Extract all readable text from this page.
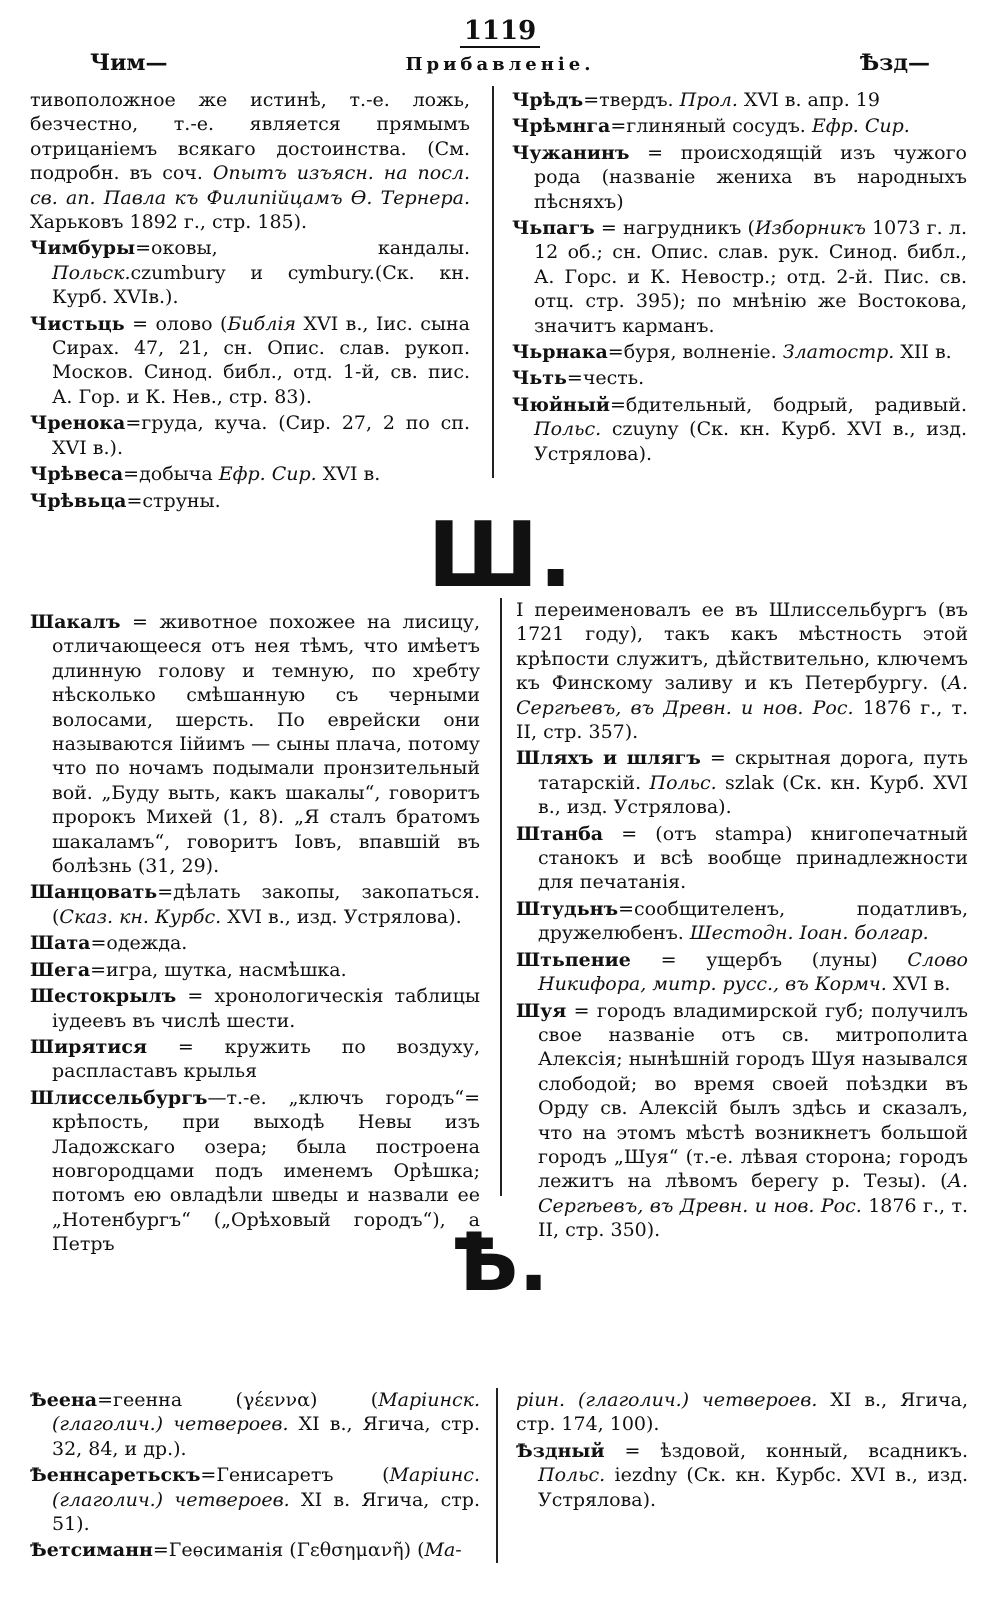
1119
Чим—	Прибавленіе.	Ѣзд—
тивоположное же истинѣ, т.-е. ложь, безчестно, т.-е. является прямымъ отрицаніемъ всякаго достоинства. (См. подробн. въ соч. Опытъ изъясн. на посл. св. ап. Павла къ Филипійцамъ Ѳ. Тернера. Харьковъ 1892 г., стр. 185).
Чимбуры=оковы, кандалы. Польск.czumbury и cymbury.(Ск. кн. Курб. XVIв.).
Чистьць = олово (Библія XVI в., Іис. сына Сирах. 47, 21, сн. Опис. слав. рукоп. Москов. Синод. библ., отд. 1-й, св. пис. А. Гор. и К. Нев., стр. 83).
Чренока=груда, куча. (Сир. 27, 2 по сп. XVI в.).
Чрѣвеса=добыча Ефр. Сир. XVI в.
Чрѣвьца=струны.
Чрѣдъ=твердъ. Прол. XVI в. апр. 19
Чрѣмнга=глиняный сосудъ. Ефр. Сир.
Чужанинъ = происходящій изъ чужого рода (названіе жениха въ народныхъ пѣсняхъ)
Чьпагъ = нагрудникъ (Изборникъ 1073 г. л. 12 об.; сн. Опис. слав. рук. Синод. библ., А. Горс. и К. Невостр.; отд. 2-й. Пис. св. отц. стр. 395); по мнѣнію же Востокова, значитъ карманъ.
Чьрнака=буря, волненіе. Златостр. XII в.
Чьть=честь.
Чюйный=бдительный, бодрый, радивый. Польс. czuyny (Ск. кн. Курб. XVI в., изд. Устрялова).
Ш.
Шакалъ = животное похожее на лисицу, отличающееся отъ нея тѣмъ, что имѣетъ длинную голову и темную, по хребту нѣсколько смѣшанную съ черными волосами, шерсть. По еврейски они называются Іійимъ — сыны плача, потому что по ночамъ подымали пронзительный вой. „Буду выть, какъ шакалы“, говоритъ пророкъ Михей (1, 8). „Я сталъ братомъ шакаламъ“, говоритъ Іовъ, впавшій въ болѣзнь (31, 29).
Шанцовать=дѣлать закопы, закопаться. (Сказ. кн. Курбс. XVI в., изд. Устрялова).
Шата=одежда.
Шега=игра, шутка, насмѣшка.
Шестокрылъ = хронологическія таблицы іудеевъ въ числѣ шести.
Ширятися = кружить по воздуху, распластавъ крылья
Шлиссельбургъ—т.-е. „ключъ городъ“= крѣпость, при выходѣ Невы изъ Ладожскаго озера; была построена новгородцами подъ именемъ Орѣшка; потомъ ею овладѣли шведы и назвали ее „Нотенбургъ“ („Орѣховый городъ“), а Петръ
I переименовалъ ее въ Шлиссельбургъ (въ 1721 году), такъ какъ мѣстность этой крѣпости служитъ, дѣйствительно, ключемъ къ Финскому заливу и къ Петербургу. (А. Сергѣевъ, въ Древн. и нов. Рос. 1876 г., т. II, стр. 357).
Шляхъ и шлягъ = скрытная дорога, путь татарскій. Польс. szlak (Ск. кн. Курб. XVI в., изд. Устрялова).
Штанба = (отъ stampa) книгопечатный станокъ и всѣ вообще принадлежности для печатанія.
Штудьнъ=сообщителенъ, податливъ, дружелюбенъ. Шестодн. Іоан. болгар.
Штьпение = ущербъ (луны) Слово Никифора, митр. русс., въ Кормч. XVI в.
Шуя = городъ владимирской губ; получилъ свое названіе отъ св. митрополита Алексія; нынѣшній городъ Шуя назывался слободой; во время своей поѣздки въ Орду св. Алексій былъ здѣсь и сказалъ, что на этомъ мѣстѣ возникнетъ большой городъ „Шуя“ (т.-е. лѣвая сторона; городъ лежитъ на лѣвомъ берегу р. Тезы). (А. Сергѣевъ, въ Древн. и нов. Рос. 1876 г., т. II, стр. 350).
Ѣ.
Ѣеена=геенна (γέεννα) (Маріинск. (глаголич.) четвероев. XI в., Ягича, стр. 32, 84, и др.).
Ѣеннсаретьскъ=Генисаретъ (Маріинс. (глаголич.) четвероев. XI в. Ягича, стр. 51).
Ѣетсиманн=Геѳсиманія (Γεθσημανῆ) (Ма-
ріин. (глаголич.) четвероев. XI в., Ягича, стр. 174, 100).
Ѣздный = ѣздовой, конный, всадникъ. Польс. iezdny (Ск. кн. Курбс. XVI в., изд. Устрялова).
